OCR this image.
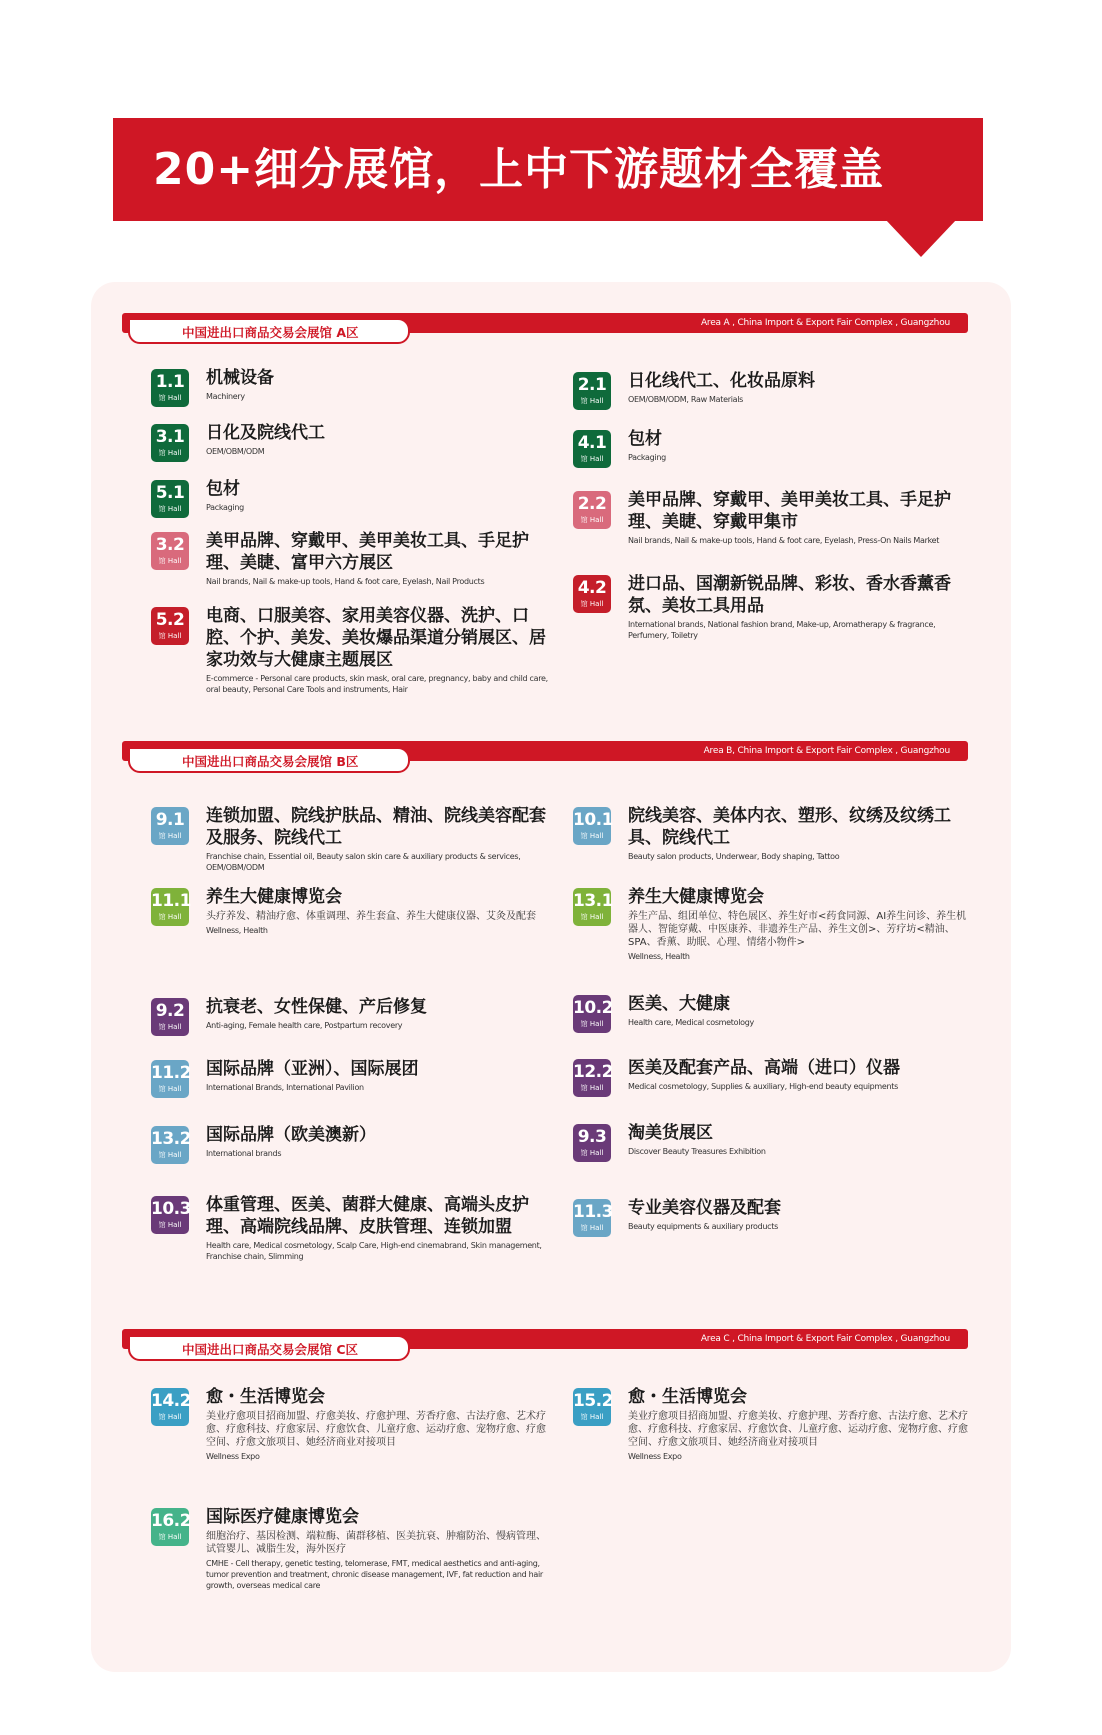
20+细分展馆，上中下游题材全覆盖
Area A , China Import & Export Fair Complex , Guangzhou
中国进出口商品交易会展馆 A区
Area B, China Import & Export Fair Complex , Guangzhou
中国进出口商品交易会展馆 B区
Area C , China Import & Export Fair Complex , Guangzhou
中国进出口商品交易会展馆 C区
1.1
馆 Hall
机械设备
Machinery
3.1
馆 Hall
日化及院线代工
OEM/OBM/ODM
5.1
馆 Hall
包材
Packaging
3.2
馆 Hall
美甲品牌、穿戴甲、美甲美妆工具、手足护理、美睫、富甲六方展区
Nail brands, Nail & make-up tools, Hand & foot care, Eyelash, Nail Products
5.2
馆 Hall
电商、口服美容、家用美容仪器、洗护、口腔、个护、美发、美妆爆品渠道分销展区、居家功效与大健康主题展区
E-commerce - Personal care products, skin mask, oral care, pregnancy, baby and child care, oral beauty, Personal Care Tools and instruments, Hair
2.1
馆 Hall
日化线代工、化妆品原料
OEM/OBM/ODM, Raw Materials
4.1
馆 Hall
包材
Packaging
2.2
馆 Hall
美甲品牌、穿戴甲、美甲美妆工具、手足护理、美睫、穿戴甲集市
Nail brands, Nail & make-up tools, Hand & foot care, Eyelash, Press-On Nails Market
4.2
馆 Hall
进口品、国潮新锐品牌、彩妆、香水香薰香氛、美妆工具用品
International brands, National fashion brand, Make-up, Aromatherapy & fragrance, Perfumery, Toiletry
9.1
馆 Hall
连锁加盟、院线护肤品、精油、院线美容配套及服务、院线代工
Franchise chain, Essential oil, Beauty salon skin care & auxiliary products & services, OEM/OBM/ODM
11.1
馆 Hall
养生大健康博览会
头疗养发、精油疗愈、体重调理、养生套盒、养生大健康仪器、艾灸及配套
Wellness, Health
9.2
馆 Hall
抗衰老、女性保健、产后修复
Anti-aging, Female health care, Postpartum recovery
11.2
馆 Hall
国际品牌（亚洲）、国际展团
International Brands, International Pavilion
13.2
馆 Hall
国际品牌（欧美澳新）
International brands
10.3
馆 Hall
体重管理、医美、菌群大健康、高端头皮护理、高端院线品牌、皮肤管理、连锁加盟
Health care, Medical cosmetology, Scalp Care, High-end cinemabrand, Skin management, Franchise chain, Slimming
10.1
馆 Hall
院线美容、美体内衣、塑形、纹绣及纹绣工具、院线代工
Beauty salon products, Underwear, Body shaping, Tattoo
13.1
馆 Hall
养生大健康博览会
养生产品、组团单位、特色展区、养生好市<药食同源、AI养生问诊、养生机器人、智能穿戴、中医康养、非遗养生产品、养生文创>、芳疗坊<精油、SPA、香薰、助眠、心理、情绪小物件>
Wellness, Health
10.2
馆 Hall
医美、大健康
Health care, Medical cosmetology
12.2
馆 Hall
医美及配套产品、高端（进口）仪器
Medical cosmetology, Supplies & auxiliary, High-end beauty equipments
9.3
馆 Hall
淘美货展区
Discover Beauty Treasures Exhibition
11.3
馆 Hall
专业美容仪器及配套
Beauty equipments & auxiliary products
14.2
馆 Hall
愈・生活博览会
美业疗愈项目招商加盟、疗愈美妆、疗愈护理、芳香疗愈、古法疗愈、艺术疗愈、疗愈科技、疗愈家居、疗愈饮食、儿童疗愈、运动疗愈、宠物疗愈、疗愈空间、疗愈文旅项目、她经济商业对接项目
Wellness Expo
16.2
馆 Hall
国际医疗健康博览会
细胞治疗、基因检测、端粒酶、菌群移植、医美抗衰、肿瘤防治、慢病管理、试管婴儿、减脂生发，海外医疗
CMHE - Cell therapy, genetic testing, telomerase, FMT, medical aesthetics and anti-aging, tumor prevention and treatment, chronic disease management, IVF, fat reduction and hair growth, overseas medical care
15.2
馆 Hall
愈・生活博览会
美业疗愈项目招商加盟、疗愈美妆、疗愈护理、芳香疗愈、古法疗愈、艺术疗愈、疗愈科技、疗愈家居、疗愈饮食、儿童疗愈、运动疗愈、宠物疗愈、疗愈空间、疗愈文旅项目、她经济商业对接项目
Wellness Expo
